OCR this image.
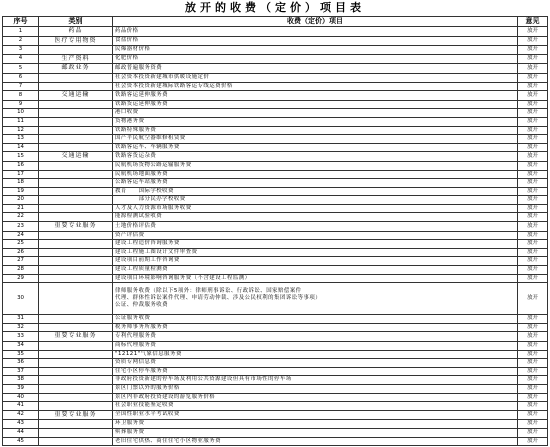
放开的收费（定价）项目表
序号	类别	收费（定价）项目	意见
1	药品	药品价格	放开
2	医疗专用物资	食盐价格	放开
3		民爆器材价格	放开
4	生产资料	化肥价格	放开
5	邮政业务	邮政普遍服务资费	放开
6		社会资本投资新建城市供暖设施定价	放开
7		社会资本投资新建城际铁路客运专线运费价格	放开
8	交通运输	铁路客运延伸服务费	放开
9		铁路货运延伸服务费	放开
10		港口收费	放开
11		货物港务费	放开
12		铁路特殊服务费	放开
13		国产平民航空器维修租赁费	放开
14		铁路客运车、车辆服务费	放开
15	交通运输	铁路客货运杂费	放开
16		民航机场货物公路运输服务费	放开
17		民航机场地面服务费	放开
18		公路客运车站服务费	放开
19		教育　　国际学校收费	放开
20		　　　　部分民办学校收费	放开
21		人才及人力资源市场服务收费	放开
22		能源检测试验收费	放开
23	重要专业服务	土地价格评估费	放开
24		资产评估费	放开
25		建设工程造价咨询服务费	放开
26		建设工程施工图设计文件审查费	放开
27		建设项目前期工作咨询费	放开
28		建设工程质量检测费	放开
29		建设项目环境影响咨询服务费（不含建设工程监测）	放开
30		律师服务收费（除以下5项外：律师刑事诉讼、行政诉讼、国家赔偿案件
代理、群体性诉讼案件代理、申请劳动仲裁、涉及公民权利的集团诉讼等事项）
公证、仲裁服务收费	放开
31		公证服务收费	放开
32		税务师事务所服务费	放开
33	重要专业服务	专利代理服务费	放开
34		商标代理服务费	放开
35		"12121"气象信息服务费	放开
36		资质专网信息费	放开
37		住宅小区停车服务费	放开
38		非政府投资新建的停车场及利用公共资源建设但具有市场性的停车场	放开
39		景区门票以外的服务价格	放开
40		景区内非政府投资建设的游览服务价格	放开
41		社会职业技能鉴定收费	放开
42	重要专业服务	全国性职业水平考试收费	放开
43		环卫服务费	放开
44		殡葬服务费	放开
45		老旧住宅供热、商住住宅小区物业服务费	放开
